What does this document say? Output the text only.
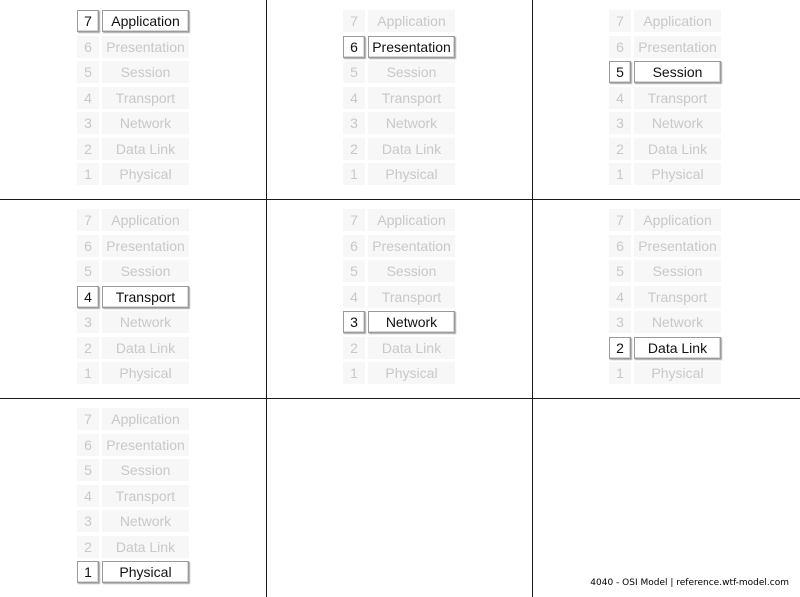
7	Application
6	Presentation
5	Session
4	Transport
3	Network
2	Data Link
1	Physical
7	Application
6	Presentation
5	Session
4	Transport
3	Network
2	Data Link
1	Physical
7	Application
6	Presentation
5	Session
4	Transport
3	Network
2	Data Link
1	Physical
7	Application
6	Presentation
5	Session
4	Transport
3	Network
2	Data Link
1	Physical
7	Application
6	Presentation
5	Session
4	Transport
3	Network
2	Data Link
1	Physical
7	Application
6	Presentation
5	Session
4	Transport
3	Network
2	Data Link
1	Physical
7	Application
6	Presentation
5	Session
4	Transport
3	Network
2	Data Link
1	Physical
4040 - OSI Model | reference.wtf-model.com
